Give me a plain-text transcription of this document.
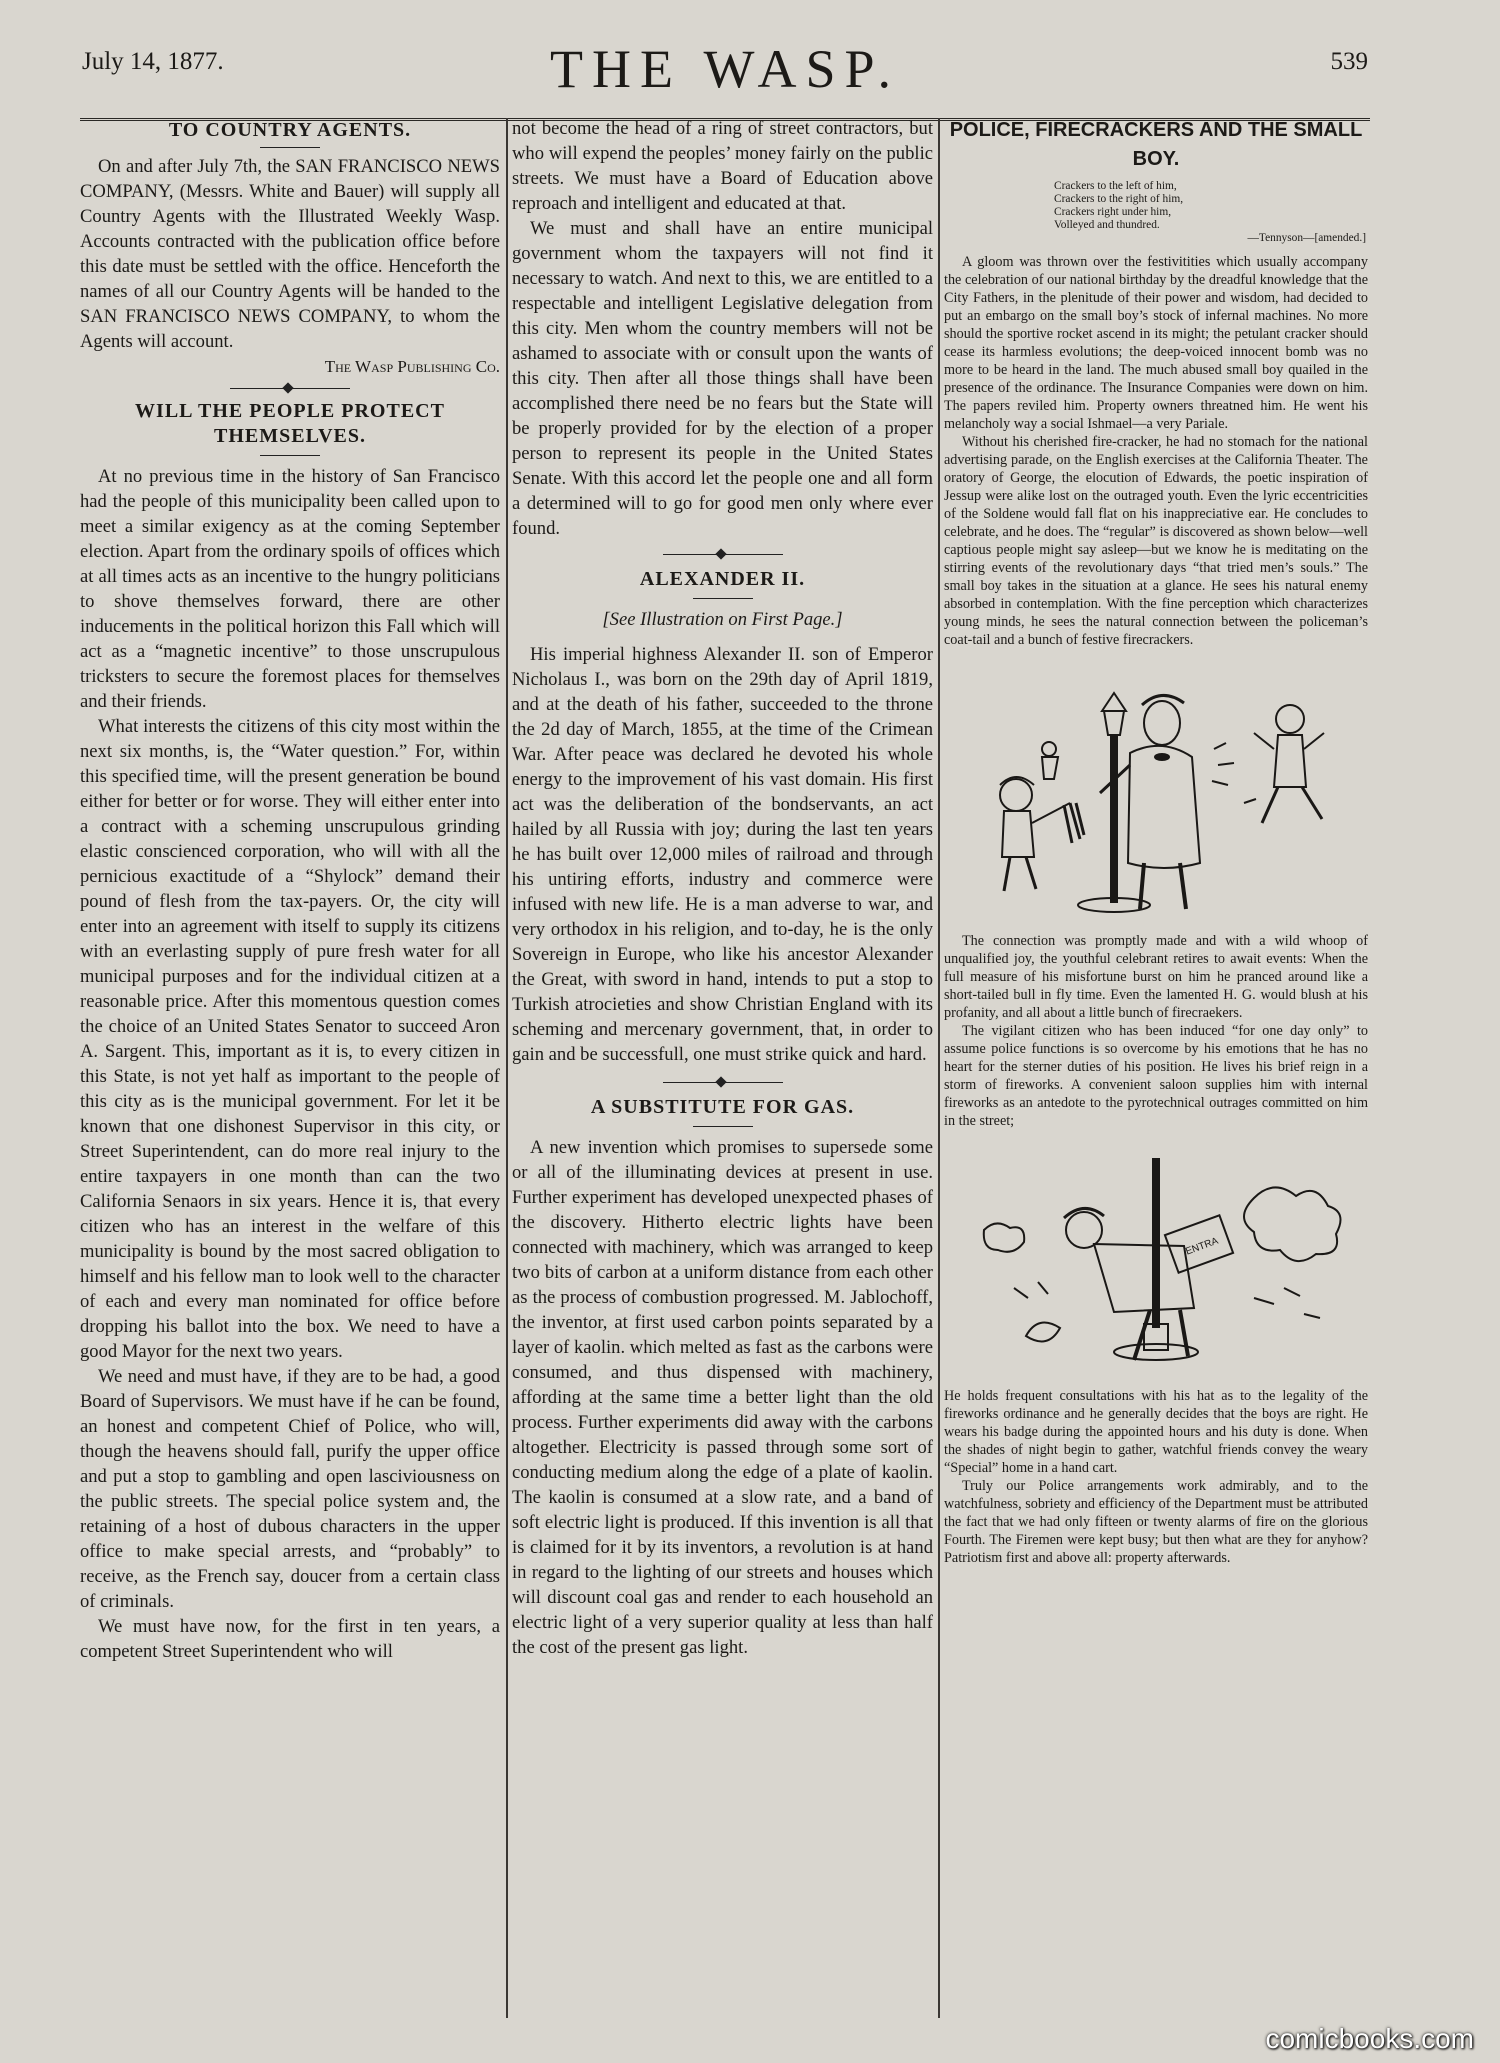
July 14, 1877.	THE WASP.	539
TO COUNTRY AGENTS.

On and after July 7th, the SAN FRANCISCO NEWS COMPANY, (Messrs. White and Bauer) will supply all Country Agents with the Illustrated Weekly Wasp. Accounts contracted with the publication office before this date must be settled with the office. Henceforth the names of all our Country Agents will be handed to the SAN FRANCISCO NEWS COMPANY, to whom the Agents will account.

The Wasp Publishing Co.

WILL THE PEOPLE PROTECT THEMSELVES.

At no previous time in the history of San Francisco had the people of this municipality been called upon to meet a similar exigency as at the coming September election. Apart from the ordinary spoils of offices which at all times acts as an incentive to the hungry politicians to shove themselves forward, there are other inducements in the political horizon this Fall which will act as a “magnetic incentive” to those unscrupulous tricksters to secure the foremost places for themselves and their friends.

What interests the citizens of this city most within the next six months, is, the “Water question.” For, within this specified time, will the present generation be bound either for better or for worse. They will either enter into a contract with a scheming unscrupulous grinding elastic conscienced corporation, who will with all the pernicious exactitude of a “Shylock” demand their pound of flesh from the tax-payers. Or, the city will enter into an agreement with itself to supply its citizens with an everlasting supply of pure fresh water for all municipal purposes and for the individual citizen at a reasonable price. After this momentous question comes the choice of an United States Senator to succeed Aron A. Sargent. This, important as it is, to every citizen in this State, is not yet half as important to the people of this city as is the municipal government. For let it be known that one dishonest Supervisor in this city, or Street Superintendent, can do more real injury to the entire taxpayers in one month than can the two California Senaors in six years. Hence it is, that every citizen who has an interest in the welfare of this municipality is bound by the most sacred obligation to himself and his fellow man to look well to the character of each and every man nominated for office before dropping his ballot into the box. We need to have a good Mayor for the next two years.

We need and must have, if they are to be had, a good Board of Supervisors. We must have if he can be found, an honest and competent Chief of Police, who will, though the heavens should fall, purify the upper office and put a stop to gambling and open lasciviousness on the public streets. The special police system and, the retaining of a host of dubous characters in the upper office to make special arrests, and “probably” to receive, as the French say, doucer from a certain class of criminals.

We must have now, for the first in ten years, a competent Street Superintendent who will

not become the head of a ring of street contractors, but who will expend the peoples’ money fairly on the public streets. We must have a Board of Education above reproach and intelligent and educated at that.

We must and shall have an entire municipal government whom the taxpayers will not find it necessary to watch. And next to this, we are entitled to a respectable and intelligent Legislative delegation from this city. Men whom the country members will not be ashamed to associate with or consult upon the wants of this city. Then after all those things shall have been accomplished there need be no fears but the State will be properly provided for by the election of a proper person to represent its people in the United States Senate. With this accord let the people one and all form a determined will to go for good men only where ever found.

ALEXANDER II.

[See Illustration on First Page.]

His imperial highness Alexander II. son of Emperor Nicholaus I., was born on the 29th day of April 1819, and at the death of his father, succeeded to the throne the 2d day of March, 1855, at the time of the Crimean War. After peace was declared he devoted his whole energy to the improvement of his vast domain. His first act was the deliberation of the bondservants, an act hailed by all Russia with joy; during the last ten years he has built over 12,000 miles of railroad and through his untiring efforts, industry and commerce were infused with new life. He is a man adverse to war, and very orthodox in his religion, and to-day, he is the only Sovereign in Europe, who like his ancestor Alexander the Great, with sword in hand, intends to put a stop to Turkish atrocieties and show Christian England with its scheming and mercenary government, that, in order to gain and be successfull, one must strike quick and hard.

A SUBSTITUTE FOR GAS.

A new invention which promises to supersede some or all of the illuminating devices at present in use. Further experiment has developed unexpected phases of the discovery. Hitherto electric lights have been connected with machinery, which was arranged to keep two bits of carbon at a uniform distance from each other as the process of combustion progressed. M. Jablochoff, the inventor, at first used carbon points separated by a layer of kaolin. which melted as fast as the carbons were consumed, and thus dispensed with machinery, affording at the same time a better light than the old process. Further experiments did away with the carbons altogether. Electricity is passed through some sort of conducting medium along the edge of a plate of kaolin. The kaolin is consumed at a slow rate, and a band of soft electric light is produced. If this invention is all that is claimed for it by its inventors, a revolution is at hand in regard to the lighting of our streets and houses which will discount coal gas and render to each household an electric light of a very superior quality at less than half the cost of the present gas light.

POLICE, FIRECRACKERS AND THE SMALL BOY.
Crackers to the left of him,
Crackers to the right of him,
Crackers right under him,
Volleyed and thundred.
—Tennyson—[amended.]

A gloom was thrown over the festivitities which usually accompany the celebration of our national birthday by the dreadful knowledge that the City Fathers, in the plenitude of their power and wisdom, had decided to put an embargo on the small boy’s stock of infernal machines. No more should the sportive rocket ascend in its might; the petulant cracker should cease its harmless evolutions; the deep-voiced innocent bomb was no more to be heard in the land. The much abused small boy quailed in the presence of the ordinance. The Insurance Companies were down on him. The papers reviled him. Property owners threatned him. He went his melancholy way a social Ishmael—a very Pariale.

Without his cherished fire-cracker, he had no stomach for the national advertising parade, on the English exercises at the California Theater. The oratory of George, the elocution of Edwards, the poetic inspiration of Jessup were alike lost on the outraged youth. Even the lyric eccentricities of the Soldene would fall flat on his inappreciative ear. He concludes to celebrate, and he does. The “regular” is discovered as shown below—well captious people might say asleep—but we know he is meditating on the stirring events of the revolutionary days “that tried men’s souls.” The small boy takes in the situation at a glance. He sees his natural enemy absorbed in contemplation. With the fine perception which characterizes young minds, he sees the natural connection between the policeman’s coat-tail and a bunch of festive firecrackers.

The connection was promptly made and with a wild whoop of unqualified joy, the youthful celebrant retires to await events: When the full measure of his misfortune burst on him he pranced around like a short-tailed bull in fly time. Even the lamented H. G. would blush at his profanity, and all about a little bunch of firecraekers.

The vigilant citizen who has been induced “for one day only” to assume police functions is so overcome by his emotions that he has no heart for the sterner duties of his position. He lives his brief reign in a storm of fireworks. A convenient saloon supplies him with internal fireworks as an antedote to the pyrotechnical outrages committed on him in the street;

ENTRA

He holds frequent consultations with his hat as to the legality of the fireworks ordinance and he generally decides that the boys are right. He wears his badge during the appointed hours and his duty is done. When the shades of night begin to gather, watchful friends convey the weary “Special” home in a hand cart.

Truly our Police arrangements work admirably, and to the watchfulness, sobriety and efficiency of the Department must be attributed the fact that we had only fifteen or twenty alarms of fire on the glorious Fourth. The Firemen were kept busy; but then what are they for anyhow? Patriotism first and above all: property afterwards.

comicbooks.com
